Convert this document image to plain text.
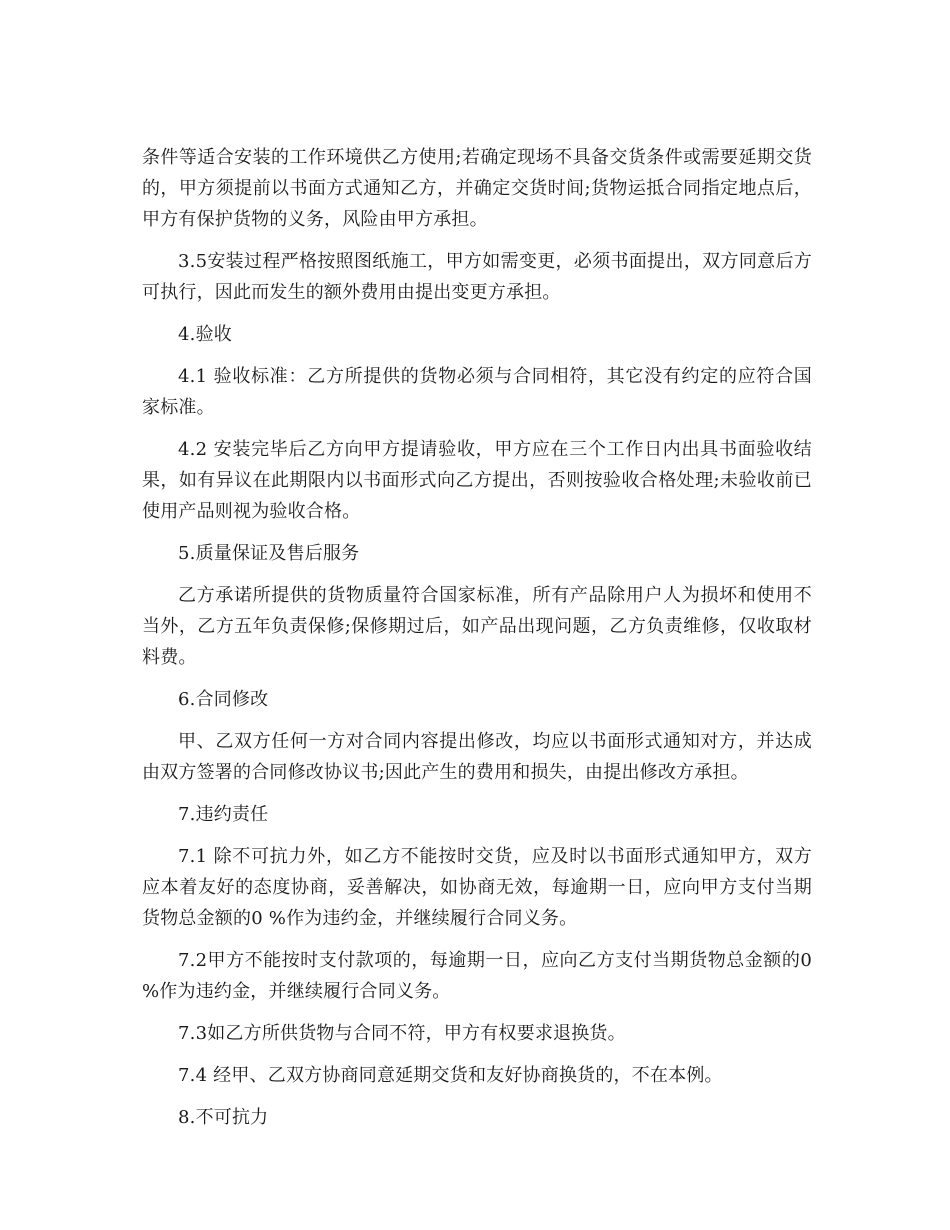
条件等适合安装的工作环境供乙方使用;若确定现场不具备交货条件或需要延期交货的，甲方须提前以书面方式通知乙方，并确定交货时间;货物运抵合同指定地点后，甲方有保护货物的义务，风险由甲方承担。

3.5安装过程严格按照图纸施工，甲方如需变更，必须书面提出，双方同意后方可执行，因此而发生的额外费用由提出变更方承担。

4.验收

4.1 验收标准：乙方所提供的货物必须与合同相符，其它没有约定的应符合国家标准。

4.2 安装完毕后乙方向甲方提请验收，甲方应在三个工作日内出具书面验收结果，如有异议在此期限内以书面形式向乙方提出，否则按验收合格处理;未验收前已使用产品则视为验收合格。

5.质量保证及售后服务

乙方承诺所提供的货物质量符合国家标准，所有产品除用户人为损坏和使用不当外，乙方五年负责保修;保修期过后，如产品出现问题，乙方负责维修，仅收取材料费。

6.合同修改

甲、乙双方任何一方对合同内容提出修改，均应以书面形式通知对方，并达成由双方签署的合同修改协议书;因此产生的费用和损失，由提出修改方承担。

7.违约责任

7.1 除不可抗力外，如乙方不能按时交货，应及时以书面形式通知甲方，双方应本着友好的态度协商，妥善解决，如协商无效，每逾期一日，应向甲方支付当期货物总金额的0 %作为违约金，并继续履行合同义务。

7.2甲方不能按时支付款项的，每逾期一日，应向乙方支付当期货物总金额的0 %作为违约金，并继续履行合同义务。

7.3如乙方所供货物与合同不符，甲方有权要求退换货。

7.4 经甲、乙双方协商同意延期交货和友好协商换货的，不在本例。

8.不可抗力
